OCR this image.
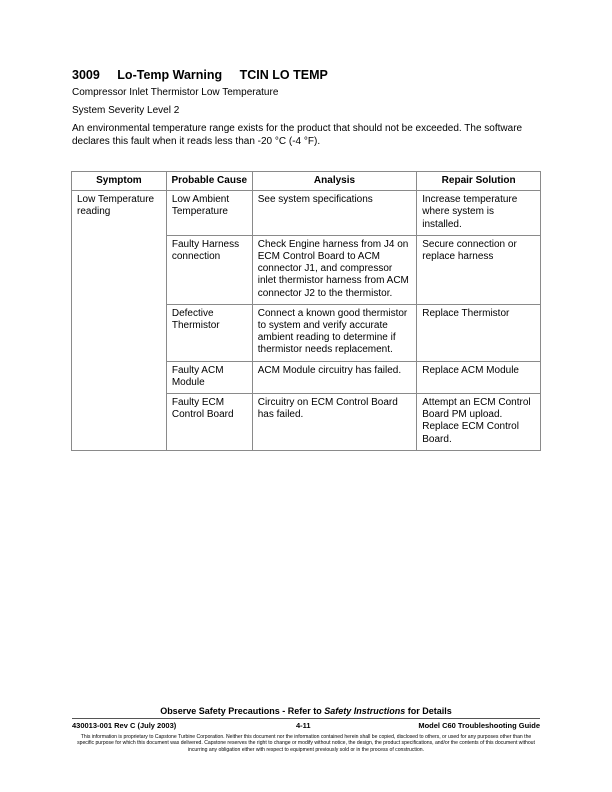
3009 Lo-Temp Warning TCIN LO TEMP
Compressor Inlet Thermistor Low Temperature
System Severity Level 2
An environmental temperature range exists for the product that should not be exceeded. The software declares this fault when it reads less than -20 °C (-4 °F).
Symptom	Probable Cause	Analysis	Repair Solution
Low Temperature reading	Low Ambient Temperature	See system specifications	Increase temperature where system is installed.
	Faulty Harness connection	Check Engine harness from J4 on ECM Control Board to ACM connector J1, and compressor inlet thermistor harness from ACM connector J2 to the thermistor.	Secure connection or replace harness
	Defective Thermistor	Connect a known good thermistor to system and verify accurate ambient reading to determine if thermistor needs replacement.	Replace Thermistor
	Faulty ACM Module	ACM Module circuitry has failed.	Replace ACM Module
	Faulty ECM Control Board	Circuitry on ECM Control Board has failed.	Attempt an ECM Control Board PM upload. Replace ECM Control Board.
Observe Safety Precautions - Refer to Safety Instructions for Details
430013-001 Rev C (July 2003)	4-11	Model C60 Troubleshooting Guide
This information is proprietary to Capstone Turbine Corporation. Neither this document nor the information contained herein shall be copied, disclosed to others, or used for any purposes other than the specific purpose for which this document was delivered. Capstone reserves the right to change or modify without notice, the design, the product specifications, and/or the contents of this document without incurring any obligation either with respect to equipment previously sold or in the process of construction.
